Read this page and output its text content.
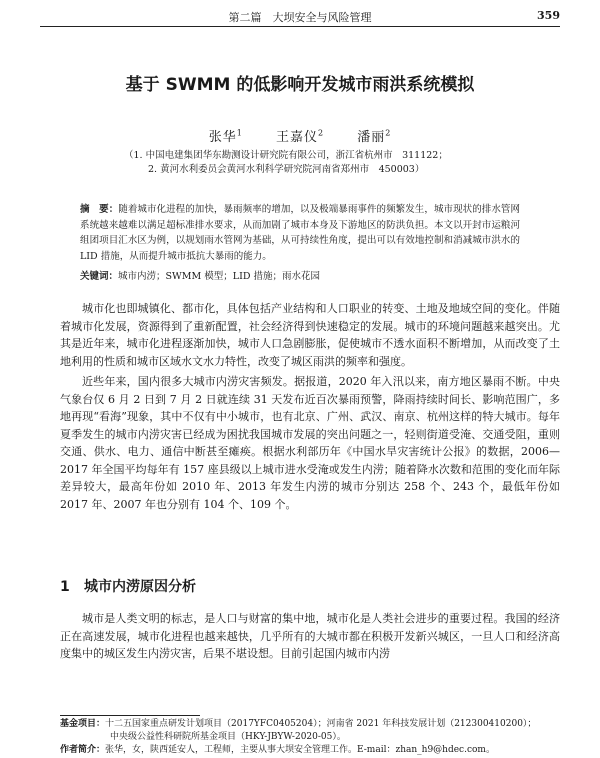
第二篇　大坝安全与风险管理	359
基于 SWMM 的低影响开发城市雨洪系统模拟
张华$^1$　　	王嘉仪$^2$　　	潘丽$^2$
（1. 中国电建集团华东勘测设计研究院有限公司，浙江省杭州市　311122；
2. 黄河水利委员会黄河水利科学研究院河南省郑州市　450003）
摘　要：随着城市化进程的加快，暴雨频率的增加，以及极端暴雨事件的频繁发生，城市现状的排水管网系统越来越难以满足超标准排水要求，从而加剧了城市本身及下游地区的防洪负担。本文以开封市运粮河组团项目汇水区为例，以规划雨水管网为基础，从可持续性角度，提出可以有效地控制和消减城市洪水的 LID 措施，从而提升城市抵抗大暴雨的能力。
关键词：城市内涝；SWMM 模型；LID 措施；雨水花园

城市化也即城镇化、都市化，具体包括产业结构和人口职业的转变、土地及地域空间的变化。伴随着城市化发展，资源得到了重新配置，社会经济得到快速稳定的发展。城市的环境问题越来越突出。尤其是近年来，城市化进程逐渐加快，城市人口急剧膨胀，促使城市不透水面积不断增加，从而改变了土地利用的性质和城市区域水文水力特性，改变了城区雨洪的频率和强度。

近些年来，国内很多大城市内涝灾害频发。据报道，2020 年入汛以来，南方地区暴雨不断。中央气象台仅 6 月 2 日到 7 月 2 日就连续 31 天发布近百次暴雨预警，降雨持续时间长、影响范围广，多地再现“看海”现象，其中不仅有中小城市，也有北京、广州、武汉、南京、杭州这样的特大城市。每年夏季发生的城市内涝灾害已经成为困扰我国城市发展的突出问题之一，轻则街道受淹、交通受阻，重则交通、供水、电力、通信中断甚至瘫痪。根据水利部历年《中国水旱灾害统计公报》的数据，2006—2017 年全国平均每年有 157 座县级以上城市进水受淹或发生内涝；随着降水次数和范围的变化而年际差异较大，最高年份如 2010 年、2013 年发生内涝的城市分别达 258 个、243 个，最低年份如 2017 年、2007 年也分别有 104 个、109 个。

1 城市内涝原因分析

城市是人类文明的标志，是人口与财富的集中地，城市化是人类社会进步的重要过程。我国的经济正在高速发展，城市化进程也越来越快，几乎所有的大城市都在积极开发新兴城区，一旦人口和经济高度集中的城区发生内涝灾害，后果不堪设想。目前引起国内城市内涝

基金项目：十二五国家重点研发计划项目（2017YFC0405204）；河南省 2021 年科技发展计划（212300410200）；
中央级公益性科研院所基金项目（HKY-JBYW-2020-05）。
作者简介：张华，女，陕西延安人，工程师，主要从事大坝安全管理工作。E-mail：zhan_h9@hdec.com。
